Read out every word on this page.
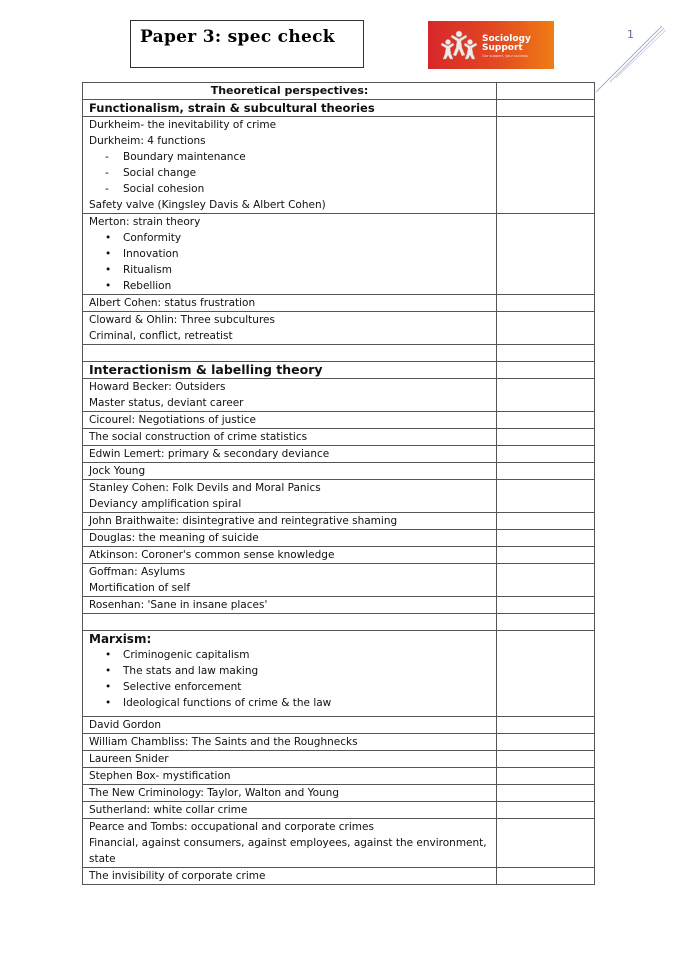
Paper 3: spec check	Sociology
Support
Our support, your success
1
Theoretical perspectives:	

Functionalism, strain & subcultural theories	

Durkheim- the inevitability of crime
Durkheim: 4 functions
- Boundary maintenance
- Social change
- Social cohesion
Safety valve (Kingsley Davis & Albert Cohen)

Merton: strain theory
• Conformity
• Innovation
• Ritualism
• Rebellion

Albert Cohen: status frustration	

Cloward & Ohlin: Three subcultures
Criminal, conflict, retreatist	

Interactionism & labelling theory	

Howard Becker: Outsiders
Master status, deviant career	

Cicourel: Negotiations of justice	

The social construction of crime statistics	

Edwin Lemert: primary & secondary deviance	

Jock Young	

Stanley Cohen: Folk Devils and Moral Panics
Deviancy amplification spiral	

John Braithwaite: disintegrative and reintegrative shaming	

Douglas: the meaning of suicide	

Atkinson: Coroner's common sense knowledge	

Goffman: Asylums
Mortification of self	

Rosenhan: 'Sane in insane places'	

Marxism:
• Criminogenic capitalism
• The stats and law making
• Selective enforcement
• Ideological functions of crime & the law

David Gordon	

William Chambliss: The Saints and the Roughnecks	

Laureen Snider	

Stephen Box- mystification	

The New Criminology: Taylor, Walton and Young	

Sutherland: white collar crime	

Pearce and Tombs: occupational and corporate crimes
Financial, against consumers, against employees, against the environment,
state	

The invisibility of corporate crime	
